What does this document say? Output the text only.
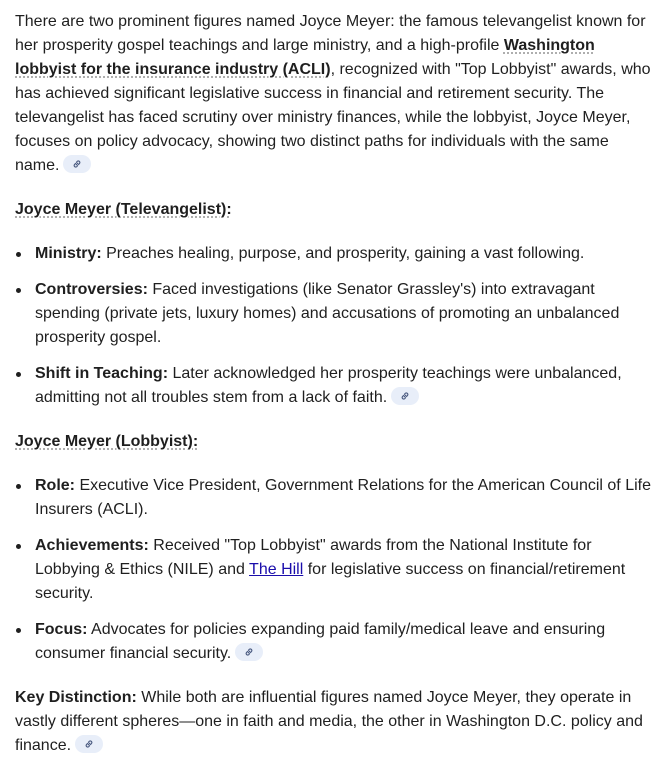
There are two prominent figures named Joyce Meyer: the famous televangelist known for her prosperity gospel teachings and large ministry, and a high-profile Washington lobbyist for the insurance industry (ACLI), recognized with "Top Lobbyist" awards, who has achieved significant legislative success in financial and retirement security. The televangelist has faced scrutiny over ministry finances, while the lobbyist, Joyce Meyer, focuses on policy advocacy, showing two distinct paths for individuals with the same name.

Joyce Meyer (Televangelist):

Ministry: Preaches healing, purpose, and prosperity, gaining a vast following.
Controversies: Faced investigations (like Senator Grassley's) into extravagant spending (private jets, luxury homes) and accusations of promoting an unbalanced prosperity gospel.
Shift in Teaching: Later acknowledged her prosperity teachings were unbalanced, admitting not all troubles stem from a lack of faith.

Joyce Meyer (Lobbyist):

Role: Executive Vice President, Government Relations for the American Council of Life Insurers (ACLI).
Achievements: Received "Top Lobbyist" awards from the National Institute for Lobbying & Ethics (NILE) and The Hill for legislative success on financial/retirement security.
Focus: Advocates for policies expanding paid family/medical leave and ensuring consumer financial security.

Key Distinction: While both are influential figures named Joyce Meyer, they operate in vastly different spheres—one in faith and media, the other in Washington D.C. policy and finance.
